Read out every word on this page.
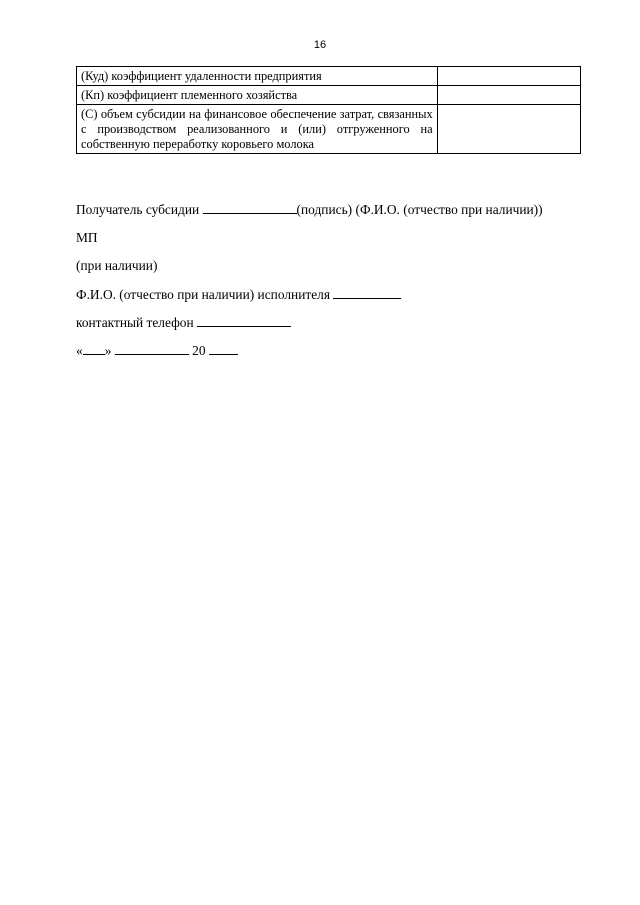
16
(Куд) коэффициент удаленности предприятия	
(Кп) коэффициент племенного хозяйства	
(С) объем субсидии на финансовое обеспечение затрат, связанных с производством реализованного и (или) отгруженного на собственную переработку коровьего молока	
Получатель субсидии	(подпись) (Ф.И.О. (отчество при наличии))
МП
(при наличии)
Ф.И.О. (отчество при наличии) исполнителя
контактный телефон
« »	20
